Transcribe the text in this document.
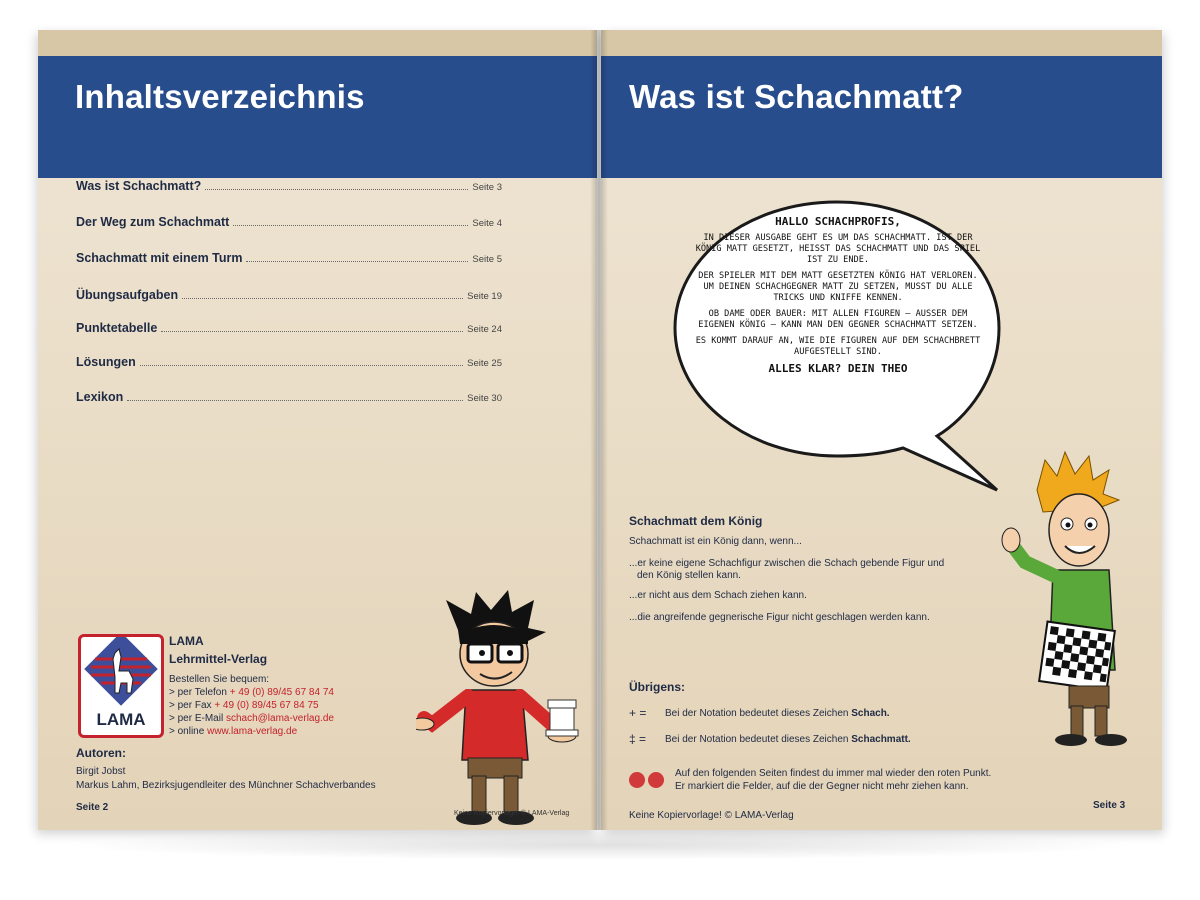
Inhaltsverzeichnis
Was ist Schachmatt?	Seite 3
Der Weg zum Schachmatt	Seite 4
Schachmatt mit einem Turm	Seite 5
Übungsaufgaben	Seite 19
Punktetabelle	Seite 24
Lösungen	Seite 25
Lexikon	Seite 30
LAMA
LAMA
Lehrmittel-Verlag
Bestellen Sie bequem:
> per Telefon + 49 (0) 89/45 67 84 74
> per Fax + 49 (0) 89/45 67 84 75
> per E-Mail schach@lama-verlag.de
> online www.lama-verlag.de
Autoren:
Birgit Jobst
Markus Lahm, Bezirksjugendleiter des Münchner Schachverbandes
Seite 2
Keine Kopiervorlage! © LAMA-Verlag
Was ist Schachmatt?

HALLO SCHACHPROFIS,

IN DIESER AUSGABE GEHT ES UM DAS SCHACHMATT. IST DER KÖNIG MATT GESETZT, HEISST DAS SCHACHMATT UND DAS SPIEL IST ZU ENDE.

DER SPIELER MIT DEM MATT GESETZTEN KÖNIG HAT VERLOREN. UM DEINEN SCHACHGEGNER MATT ZU SETZEN, MUSST DU ALLE TRICKS UND KNIFFE KENNEN.

OB DAME ODER BAUER: MIT ALLEN FIGUREN – AUSSER DEM EIGENEN KÖNIG – KANN MAN DEN GEGNER SCHACHMATT SETZEN.

ES KOMMT DARAUF AN, WIE DIE FIGUREN AUF DEM SCHACHBRETT AUFGESTELLT SIND.

ALLES KLAR? DEIN THEO

Schachmatt dem König
Schachmatt ist ein König dann, wenn...
...er keine eigene Schachfigur zwischen die Schach gebende Figur und
den König stellen kann.
...er nicht aus dem Schach ziehen kann.
...die angreifende gegnerische Figur nicht geschlagen werden kann.
Übrigens:
+ = Bei der Notation bedeutet dieses Zeichen Schach.
‡ = Bei der Notation bedeutet dieses Zeichen Schachmatt.
Auf den folgenden Seiten findest du immer mal wieder den roten Punkt.
Er markiert die Felder, auf die der Gegner nicht mehr ziehen kann.
Keine Kopiervorlage! © LAMA-Verlag
Seite 3
